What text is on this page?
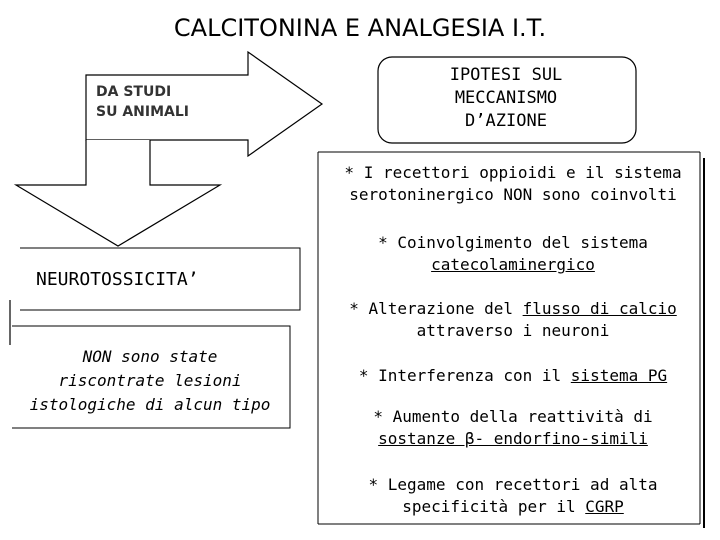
CALCITONINA E ANALGESIA I.T.
DA STUDI
SU ANIMALI
IPOTESI SUL
MECCANISMO
D’AZIONE
NEUROTOSSICITA’
NON sono state
riscontrate lesioni
istologiche di alcun tipo
* I recettori oppioidi e il sistema
serotoninergico NON sono coinvolti
* Coinvolgimento del sistema
catecolaminergico
* Alterazione del flusso di calcio
attraverso i neuroni
* Interferenza con il sistema PG
* Aumento della reattività di
sostanze β- endorfino-simili
* Legame con recettori ad alta
specificità per il CGRP
